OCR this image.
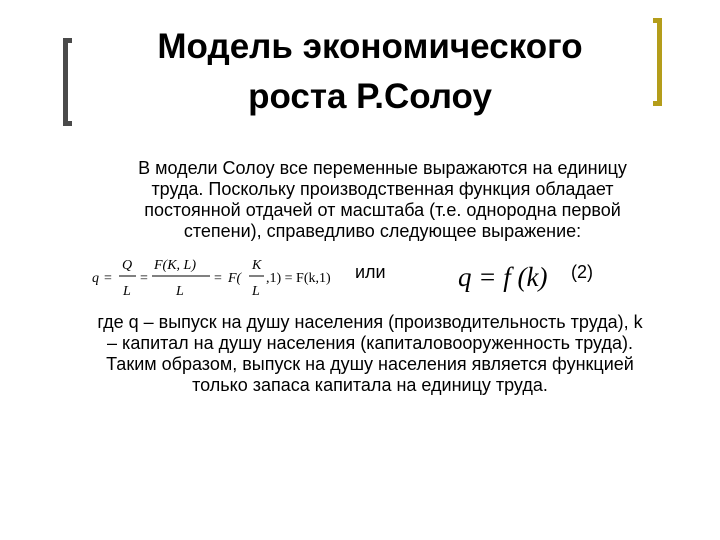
Модель экономического
роста Р.Солоу
В модели Солоу все переменные выражаются на единицу
труда. Поскольку производственная функция обладает
постоянной отдачей от масштаба (т.е. однородна первой
степени), справедливо следующее выражение:
q =
Q
L
=
F(K, L)
L
= F(
K
L
,1) = F(k,1) или	q = f (k) (2)
где q – выпуск на душу населения (производительность труда), k
– капитал на душу населения (капиталовооруженность труда).
Таким образом, выпуск на душу населения является функцией
только запаса капитала на единицу труда.
